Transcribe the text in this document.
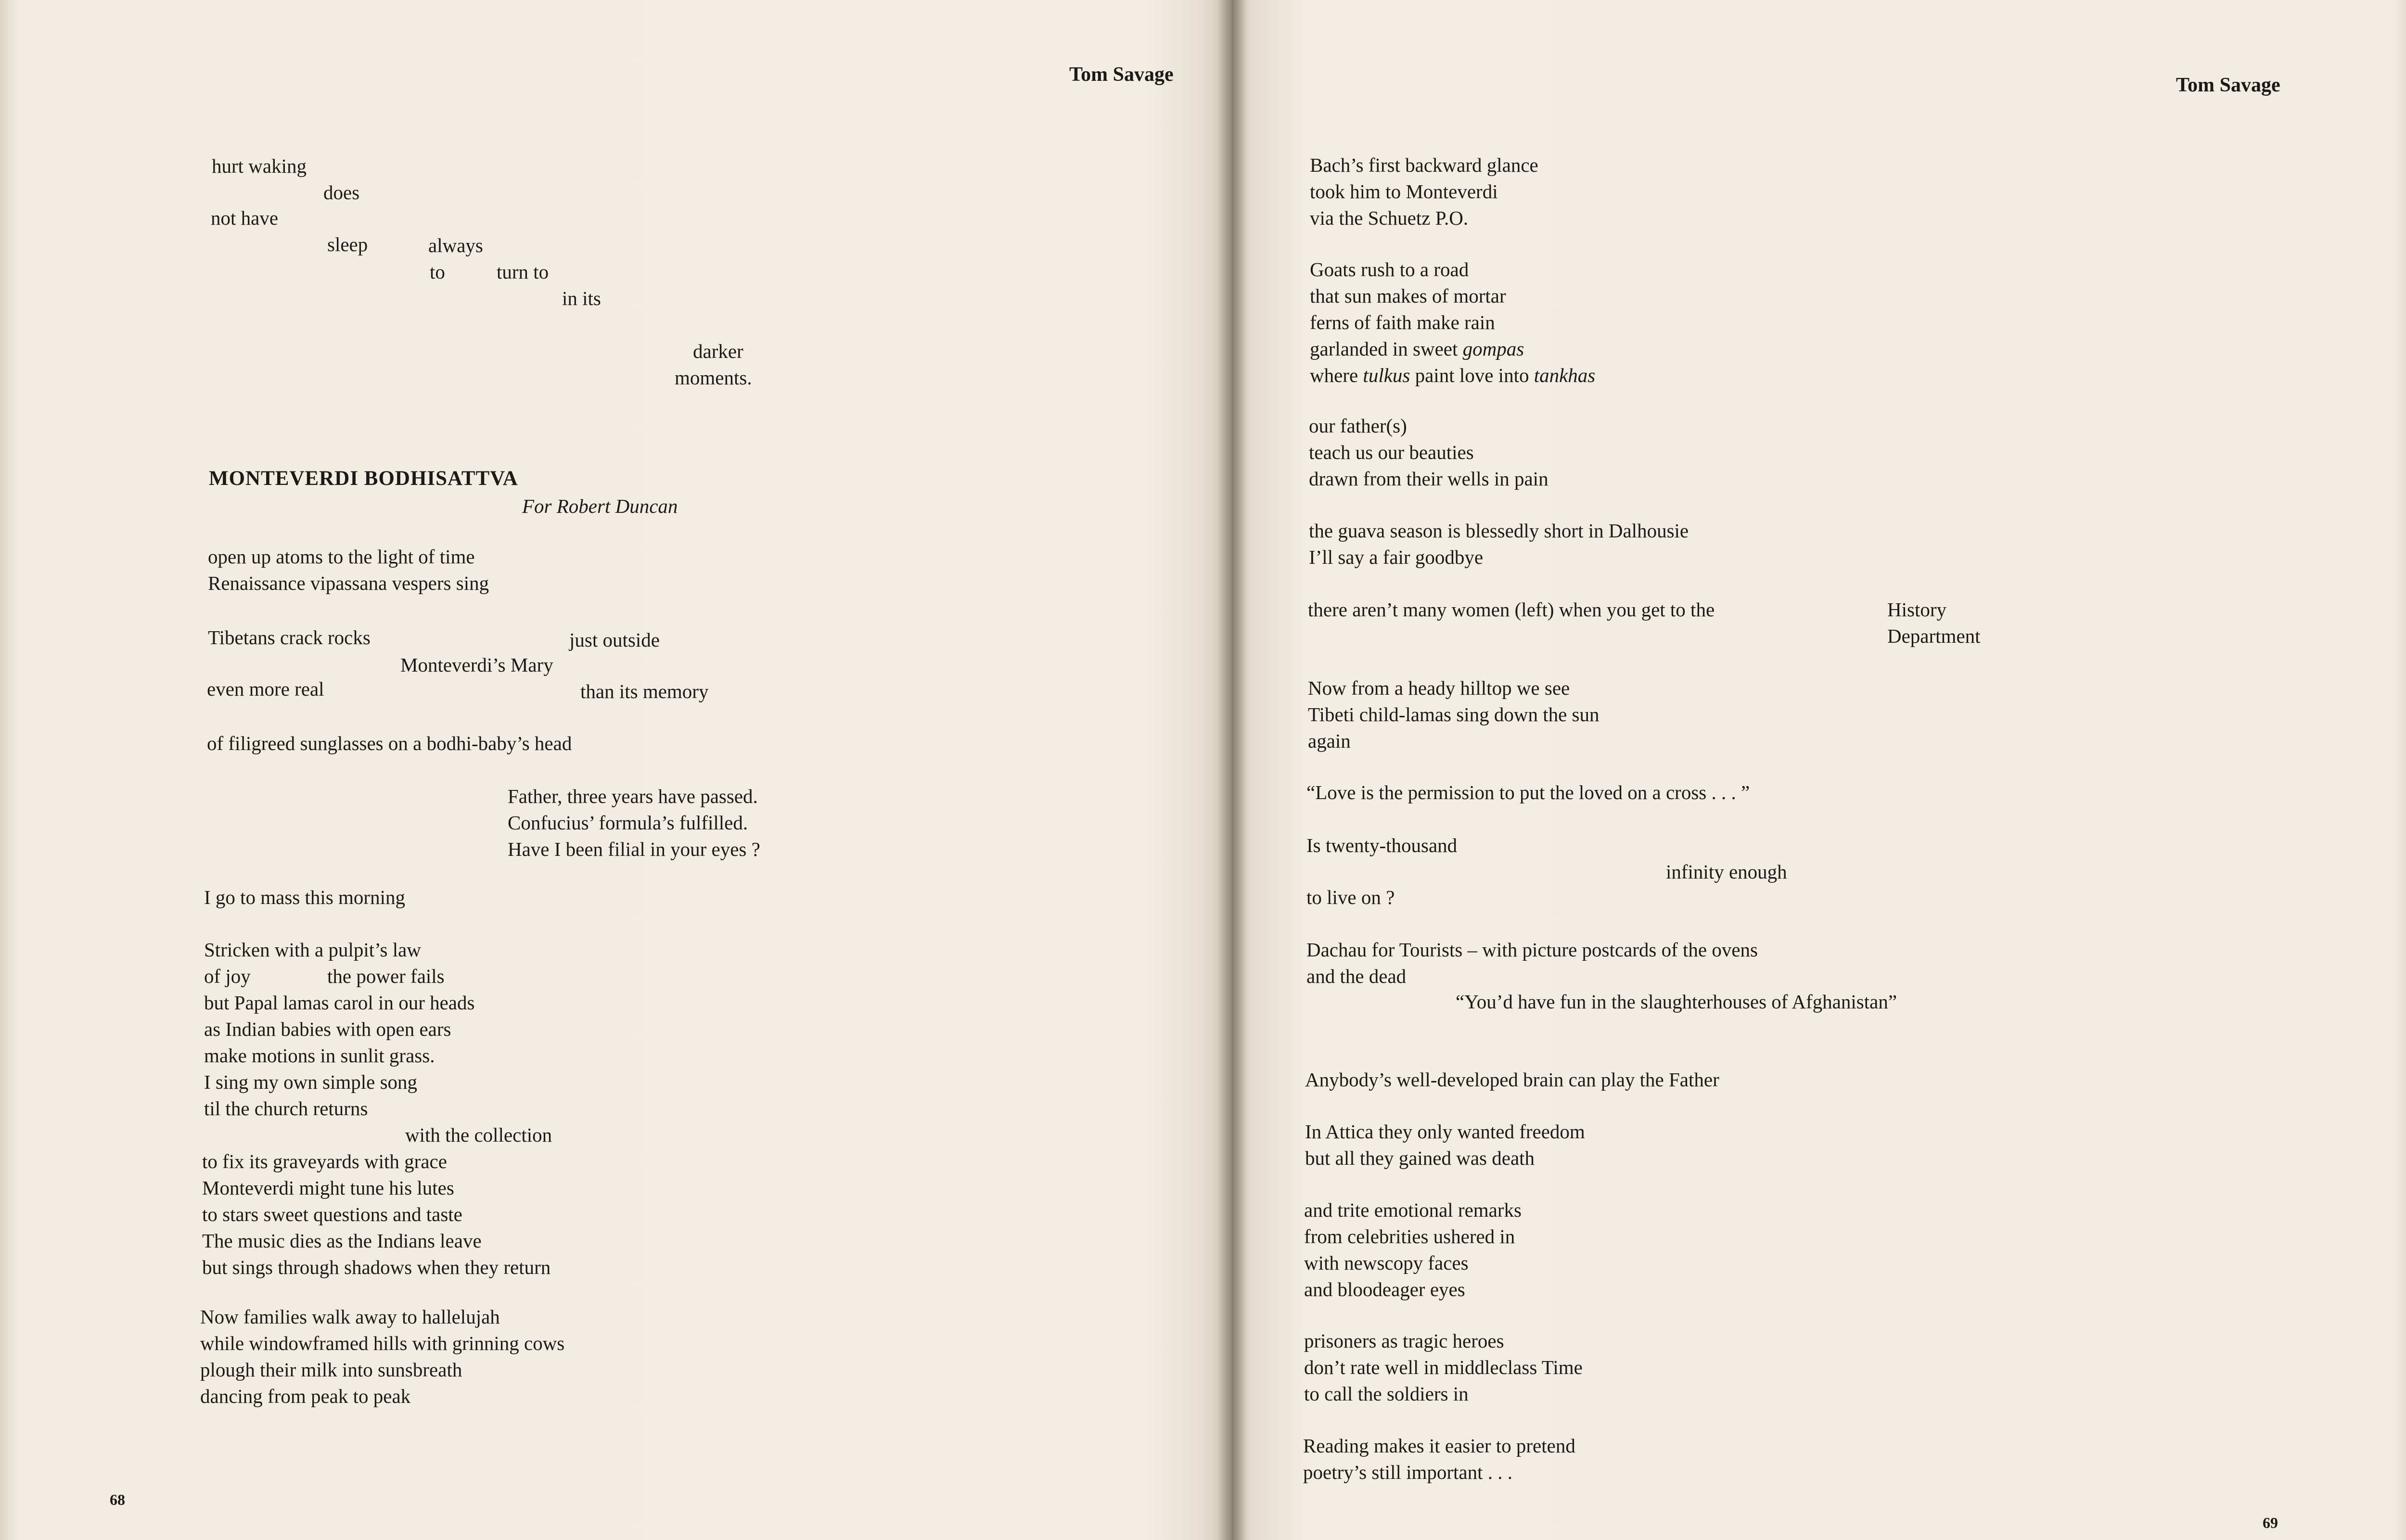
Tom Savage
hurt waking
does
not have
sleep	always
to	turn to
in its
darker
moments.
MONTEVERDI BODHISATTVA
For Robert Duncan
open up atoms to the light of time
Renaissance vipassana vespers sing
Tibetans crack rocks	just outside
Monteverdi’s Mary
even more real	than its memory
of filigreed sunglasses on a bodhi-baby’s head
Father, three years have passed.
Confucius’ formula’s fulfilled.
Have I been filial in your eyes ?
I go to mass this morning
Stricken with a pulpit’s law
of joy	the power fails
but Papal lamas carol in our heads
as Indian babies with open ears
make motions in sunlit grass.
I sing my own simple song
til the church returns
with the collection
to fix its graveyards with grace
Monteverdi might tune his lutes
to stars sweet questions and taste
The music dies as the Indians leave
but sings through shadows when they return
Now families walk away to hallelujah
while windowframed hills with grinning cows
plough their milk into sunsbreath
dancing from peak to peak
68
Tom Savage
Bach’s first backward glance
took him to Monteverdi
via the Schuetz P.O.
Goats rush to a road
that sun makes of mortar
ferns of faith make rain
garlanded in sweet gompas
where tulkus paint love into tankhas
our father(s)
teach us our beauties
drawn from their wells in pain
the guava season is blessedly short in Dalhousie
I’ll say a fair goodbye
there aren’t many women (left) when you get to the	History
Department
Now from a heady hilltop we see
Tibeti child-lamas sing down the sun
again
“Love is the permission to put the loved on a cross . . . ”
Is twenty-thousand
infinity enough
to live on ?
Dachau for Tourists – with picture postcards of the ovens
and the dead
“You’d have fun in the slaughterhouses of Afghanistan”
Anybody’s well-developed brain can play the Father
In Attica they only wanted freedom
but all they gained was death
and trite emotional remarks
from celebrities ushered in
with newscopy faces
and bloodeager eyes
prisoners as tragic heroes
don’t rate well in middleclass Time
to call the soldiers in
Reading makes it easier to pretend
poetry’s still important . . .
69
